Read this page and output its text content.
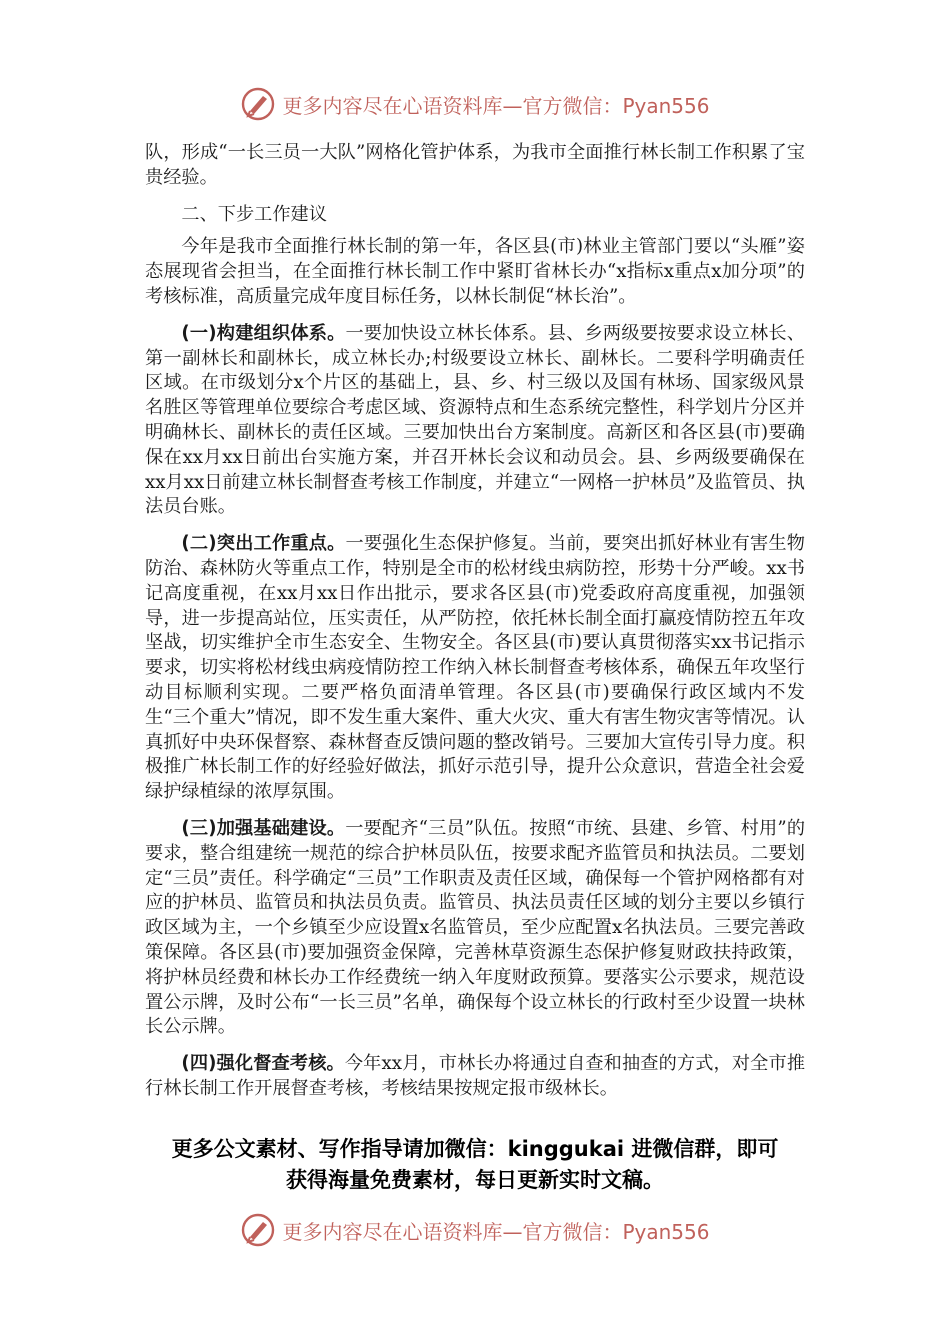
更多内容尽在心语资料库—官方微信：Pyan556

队，形成“一长三员一大队”网格化管护体系，为我市全面推行林长制工作积累了宝贵经验。

二、下步工作建议

今年是我市全面推行林长制的第一年，各区县(市)林业主管部门要以“头雁”姿态展现省会担当，在全面推行林长制工作中紧盯省林长办“x指标x重点x加分项”的考核标准，高质量完成年度目标任务，以林长制促“林长治”。

(一)构建组织体系。一要加快设立林长体系。县、乡两级要按要求设立林长、第一副林长和副林长，成立林长办;村级要设立林长、副林长。二要科学明确责任区域。在市级划分x个片区的基础上，县、乡、村三级以及国有林场、国家级风景名胜区等管理单位要综合考虑区域、资源特点和生态系统完整性，科学划片分区并明确林长、副林长的责任区域。三要加快出台方案制度。高新区和各区县(市)要确保在xx月xx日前出台实施方案，并召开林长会议和动员会。县、乡两级要确保在xx月xx日前建立林长制督查考核工作制度，并建立“一网格一护林员”及监管员、执法员台账。

(二)突出工作重点。一要强化生态保护修复。当前，要突出抓好林业有害生物防治、森林防火等重点工作，特别是全市的松材线虫病防控，形势十分严峻。xx书记高度重视，在xx月xx日作出批示，要求各区县(市)党委政府高度重视，加强领导，进一步提高站位，压实责任，从严防控，依托林长制全面打赢疫情防控五年攻坚战，切实维护全市生态安全、生物安全。各区县(市)要认真贯彻落实xx书记指示要求，切实将松材线虫病疫情防控工作纳入林长制督查考核体系，确保五年攻坚行动目标顺利实现。二要严格负面清单管理。各区县(市)要确保行政区域内不发生“三个重大”情况，即不发生重大案件、重大火灾、重大有害生物灾害等情况。认真抓好中央环保督察、森林督查反馈问题的整改销号。三要加大宣传引导力度。积极推广林长制工作的好经验好做法，抓好示范引导，提升公众意识，营造全社会爱绿护绿植绿的浓厚氛围。

(三)加强基础建设。一要配齐“三员”队伍。按照“市统、县建、乡管、村用”的要求，整合组建统一规范的综合护林员队伍，按要求配齐监管员和执法员。二要划定“三员”责任。科学确定“三员”工作职责及责任区域，确保每一个管护网格都有对应的护林员、监管员和执法员负责。监管员、执法员责任区域的划分主要以乡镇行政区域为主，一个乡镇至少应设置x名监管员，至少应配置x名执法员。三要完善政策保障。各区县(市)要加强资金保障，完善林草资源生态保护修复财政扶持政策，将护林员经费和林长办工作经费统一纳入年度财政预算。要落实公示要求，规范设置公示牌，及时公布“一长三员”名单，确保每个设立林长的行政村至少设置一块林长公示牌。

(四)强化督查考核。今年xx月，市林长办将通过自查和抽查的方式，对全市推行林长制工作开展督查考核，考核结果按规定报市级林长。

更多公文素材、写作指导请加微信：kinggukai 进微信群，即可
获得海量免费素材，每日更新实时文稿。
更多内容尽在心语资料库—官方微信：Pyan556
